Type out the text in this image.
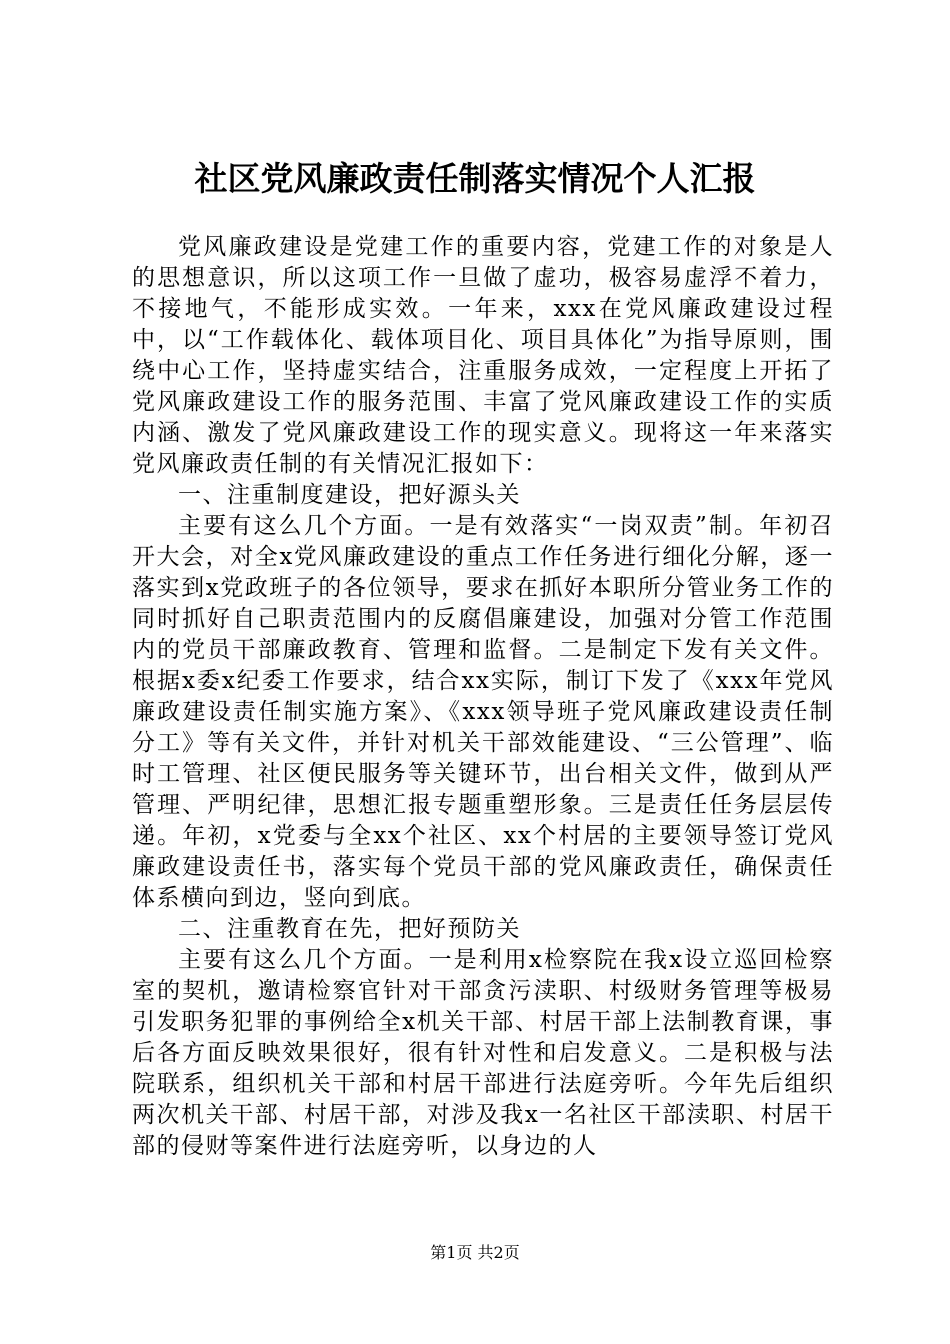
社区党风廉政责任制落实情况个人汇报

党风廉政建设是党建工作的重要内容，党建工作的对象是人的思想意识，所以这项工作一旦做了虚功，极容易虚浮不着力，不接地气，不能形成实效。一年来，xxx在党风廉政建设过程中，以“工作载体化、载体项目化、项目具体化”为指导原则，围绕中心工作，坚持虚实结合，注重服务成效，一定程度上开拓了党风廉政建设工作的服务范围、丰富了党风廉政建设工作的实质内涵、激发了党风廉政建设工作的现实意义。现将这一年来落实党风廉政责任制的有关情况汇报如下：

一、注重制度建设，把好源头关

主要有这么几个方面。一是有效落实“一岗双责”制。年初召开大会，对全x党风廉政建设的重点工作任务进行细化分解，逐一落实到x党政班子的各位领导，要求在抓好本职所分管业务工作的同时抓好自己职责范围内的反腐倡廉建设，加强对分管工作范围内的党员干部廉政教育、管理和监督。二是制定下发有关文件。根据x委x纪委工作要求，结合xx实际，制订下发了《xxx年党风廉政建设责任制实施方案》、《xxx领导班子党风廉政建设责任制分工》等有关文件，并针对机关干部效能建设、“三公管理”、临时工管理、社区便民服务等关键环节，出台相关文件，做到从严管理、严明纪律，思想汇报专题重塑形象。三是责任任务层层传递。年初，x党委与全xx个社区、xx个村居的主要领导签订党风廉政建设责任书，落实每个党员干部的党风廉政责任，确保责任体系横向到边，竖向到底。

二、注重教育在先，把好预防关

主要有这么几个方面。一是利用x检察院在我x设立巡回检察室的契机，邀请检察官针对干部贪污渎职、村级财务管理等极易引发职务犯罪的事例给全x机关干部、村居干部上法制教育课，事后各方面反映效果很好，很有针对性和启发意义。二是积极与法院联系，组织机关干部和村居干部进行法庭旁听。今年先后组织两次机关干部、村居干部，对涉及我x一名社区干部渎职、村居干部的侵财等案件进行法庭旁听，以身边的人

第1页 共2页
